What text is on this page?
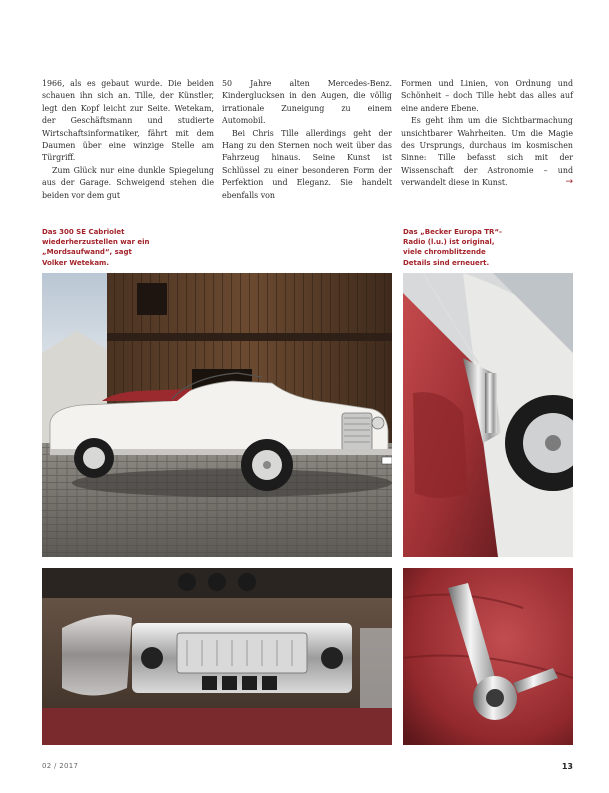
1966, als es gebaut wurde. Die beiden schauen ihn sich an. Tille, der Künstler, legt den Kopf leicht zur Seite. Wetekam, der Geschäftsmann und studierte Wirtschaftsinformatiker, fährt mit dem Daumen über eine winzige Stelle am Türgriff.

Zum Glück nur eine dunkle Spiegelung aus der Garage. Schweigend stehen die beiden vor dem gut

50 Jahre alten Mercedes-Benz. Kinderglucksen in den Augen, die völlig irrationale Zuneigung zu einem Automobil.

Bei Chris Tille allerdings geht der Hang zu den Sternen noch weit über das Fahrzeug hinaus. Seine Kunst ist Schlüssel zu einer besonderen Form der Perfektion und Eleganz. Sie handelt ebenfalls von

Formen und Linien, von Ordnung und Schönheit – doch Tille hebt das alles auf eine andere Ebene.

Es geht ihm um die Sichtbarmachung unsichtbarer Wahrheiten. Um die Magie des Ursprungs, durchaus im kosmischen Sinne: Tille befasst sich mit der Wissenschaft der Astronomie – und verwandelt diese in Kunst.	→

Das 300 SE Cabriolet wiederherzustellen war ein „Mordsaufwand“, sagt Volker Wetekam.
Das „Becker Europa TR“-Radio (l.u.) ist original, viele chromblitzende Details sind erneuert.
02 / 2017	13
